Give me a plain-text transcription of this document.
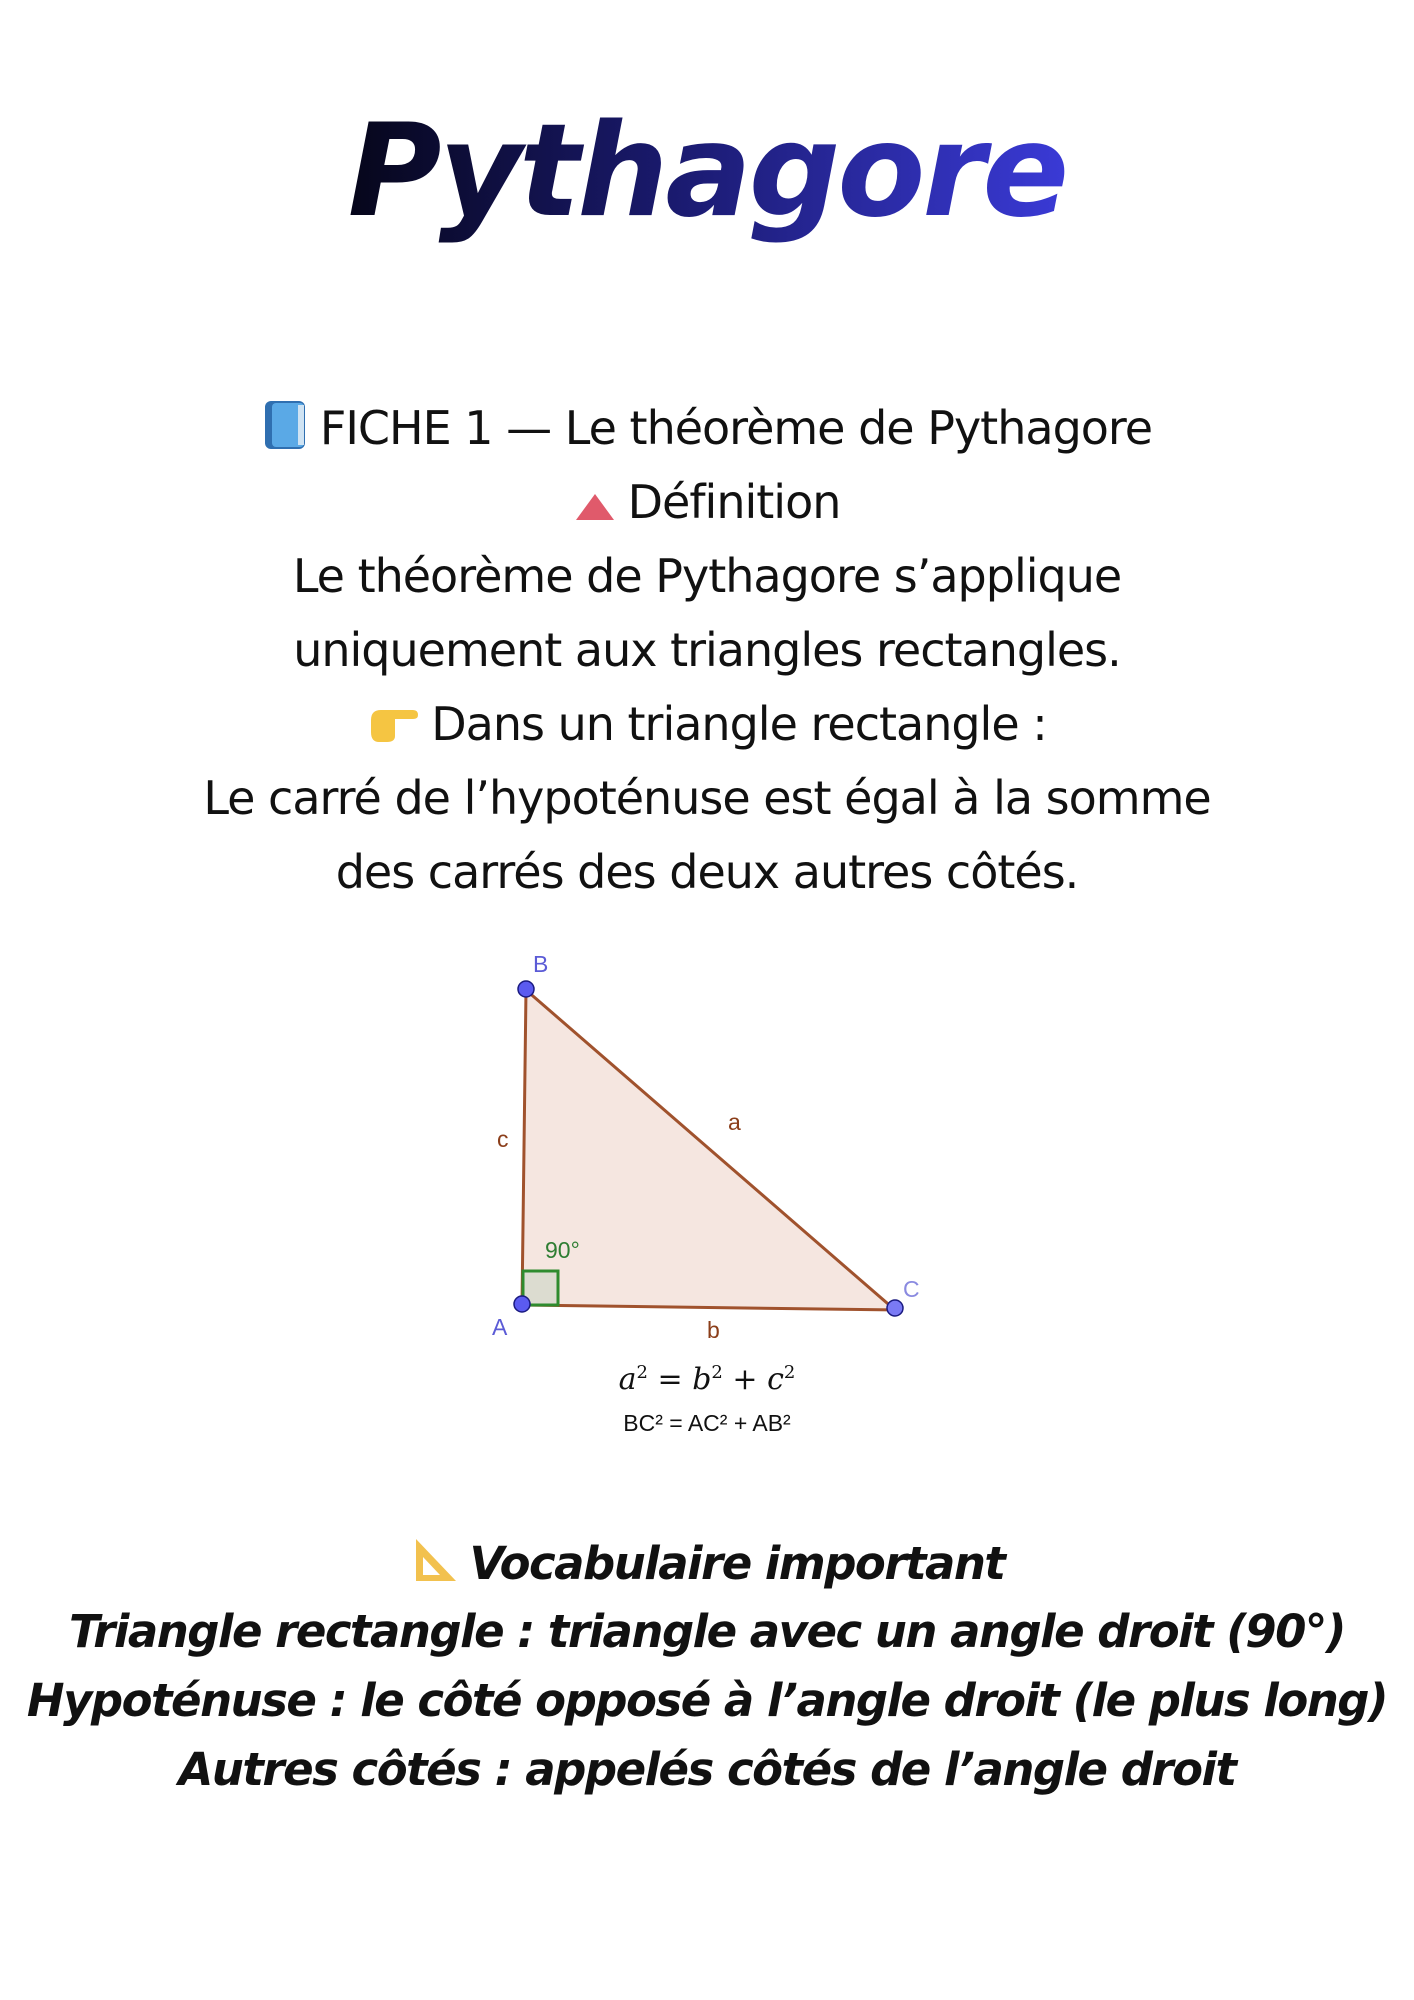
Pythagore
FICHE 1 — Le théorème de Pythagore
Définition
Le théorème de Pythagore s’applique
uniquement aux triangles rectangles.
Dans un triangle rectangle :
Le carré de l’hypoténuse est égal à la somme
des carrés des deux autres côtés.
90°
a
b
c
B
A
C
$a^2 = b^2 + c^2$
BC² = AC² + AB²
Vocabulaire important
Triangle rectangle : triangle avec un angle droit (90°)
Hypoténuse : le côté opposé à l’angle droit (le plus long)
Autres côtés : appelés côtés de l’angle droit
